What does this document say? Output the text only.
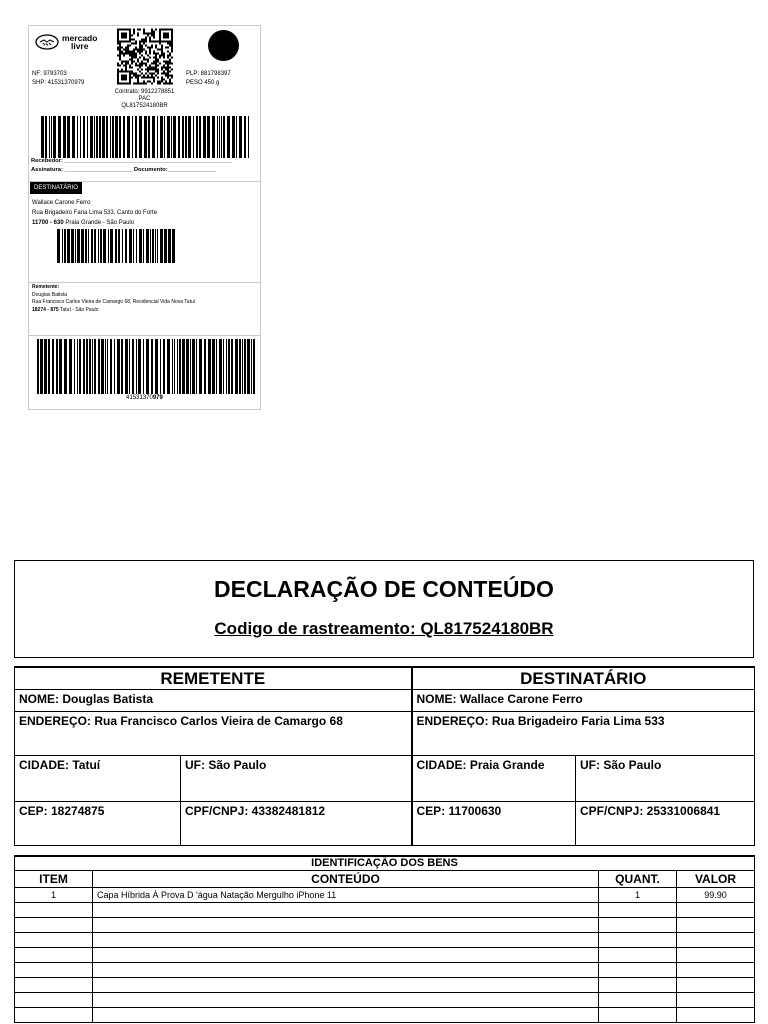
mercado
livre
NF: 9793703
SHP: 41531370979
PLP: 881798397
PESO 450 g
Contrato: 9912278851
PAC
QL817524180BR
Recebedor: ____________________________________________________
Assinatura: _____________________ Documento:_______________
DESTINATÁRIO
Wallace Carone Ferro
Rua Brigadeiro Faria Lima 533, Canto do Forte
11700 - 630 Praia Grande - São Paulo
Remetente:
Douglas Batista
Rua Francisco Carlos Vieira de Camargo 68, Residencial Vida Nova Tatuí
18274 - 875 Tatuí - São Paulo
41531370979
DECLARAÇÃO DE CONTEÚDO
Codigo de rastreamento: QL817524180BR
REMETENTE		DESTINATÁRIO	
NOME: Douglas Batista		NOME: Wallace Carone Ferro	
ENDEREÇO: Rua Francisco Carlos Vieira de Camargo 68		ENDEREÇO: Rua Brigadeiro Faria Lima 533	
CIDADE: Tatuí	UF: São Paulo	CIDADE: Praia Grande	UF: São Paulo
CEP: 18274875	CPF/CNPJ: 43382481812	CEP: 11700630	CPF/CNPJ: 25331006841
IDENTIFICAÇÃO DOS BENS			
ITEM	CONTEÚDO	QUANT.	VALOR
1	Capa Híbrida À Prova D 'água Natação Mergulho iPhone 11	1	99.90
